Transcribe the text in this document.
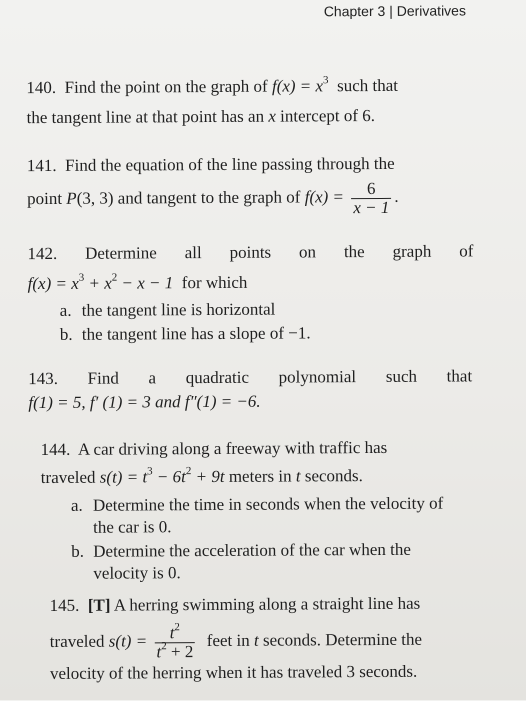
Chapter 3 | Derivatives
140. Find the point on the graph of $f(x) = x^3$ such that
the tangent line at that point has an x intercept of 6.
141. Find the equation of the line passing through the
point P(3, 3) and tangent to the graph of $f(x) = \frac{6}{x - 1}$ .
142. Determine all points on the graph of
$f(x) = x^3 + x^2 - x - 1$ for which
a. the tangent line is horizontal
b. the tangent line has a slope of −1.
143. Find a quadratic polynomial such that
f(1) = 5, f′ (1) = 3 and f″(1) = −6.
144. A car driving along a freeway with traffic has
traveled $s(t) = t^3 - 6t^2 + 9t$ meters in t seconds.
a. Determine the time in seconds when the velocity of
the car is 0.
b. Determine the acceleration of the car when the
velocity is 0.
145. [T] A herring swimming along a straight line has
traveled $s(t) = \frac{t^2}{t^2 + 2}$ feet in t seconds. Determine the
velocity of the herring when it has traveled 3 seconds.
